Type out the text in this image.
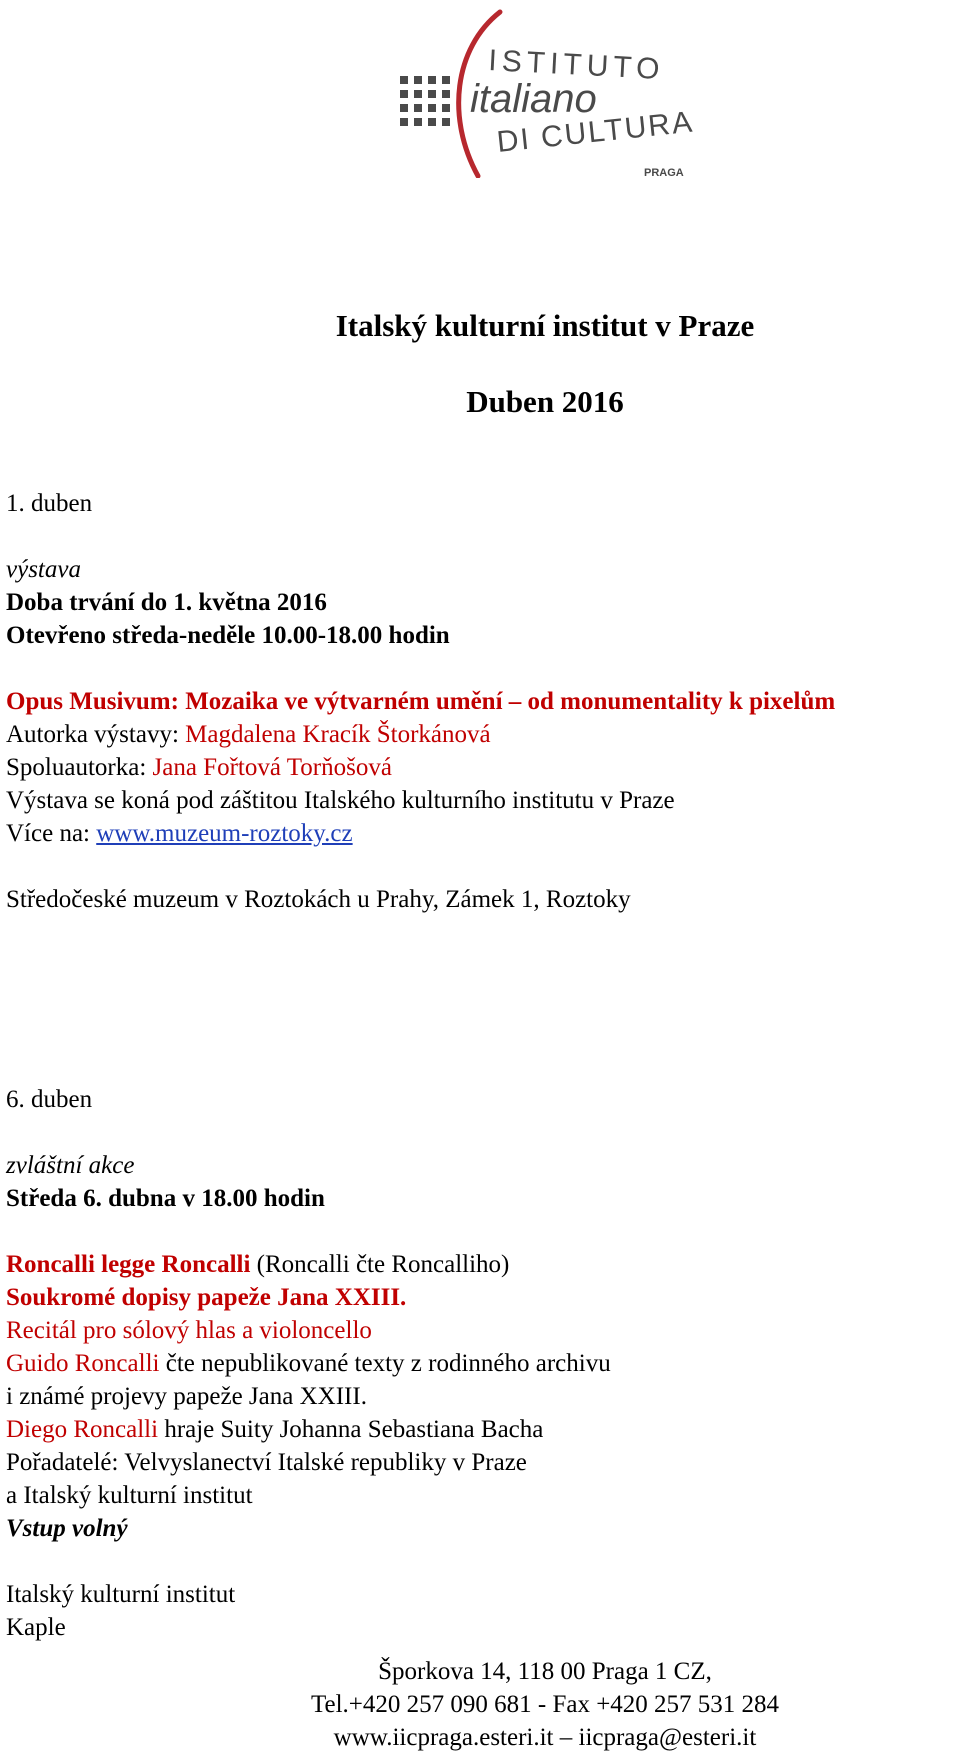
ISTITUTO
italiano
DI CULTURA
PRAGA
Italský kulturní institut v Praze
Duben 2016
1. duben
výstava
Doba trvání do 1. května 2016
Otevřeno středa-neděle 10.00-18.00 hodin
Opus Musivum: Mozaika ve výtvarném umění – od monumentality k pixelům
Autorka výstavy: Magdalena Kracík Štorkánová
Spoluautorka: Jana Fořtová Torňošová
Výstava se koná pod záštitou Italského kulturního institutu v Praze
Více na: www.muzeum-roztoky.cz
Středočeské muzeum v Roztokách u Prahy, Zámek 1, Roztoky
6. duben
zvláštní akce
Středa 6. dubna v 18.00 hodin
Roncalli legge Roncalli (Roncalli čte Roncalliho)
Soukromé dopisy papeže Jana XXIII.
Recitál pro sólový hlas a violoncello
Guido Roncalli čte nepublikované texty z rodinného archivu
i známé projevy papeže Jana XXIII.
Diego Roncalli hraje Suity Johanna Sebastiana Bacha
Pořadatelé: Velvyslanectví Italské republiky v Praze
a Italský kulturní institut
Vstup volný
Italský kulturní institut
Kaple
Šporkova 14, 118 00 Praga 1 CZ,
Tel.+420 257 090 681 - Fax +420 257 531 284
www.iicpraga.esteri.it – iicpraga@esteri.it
